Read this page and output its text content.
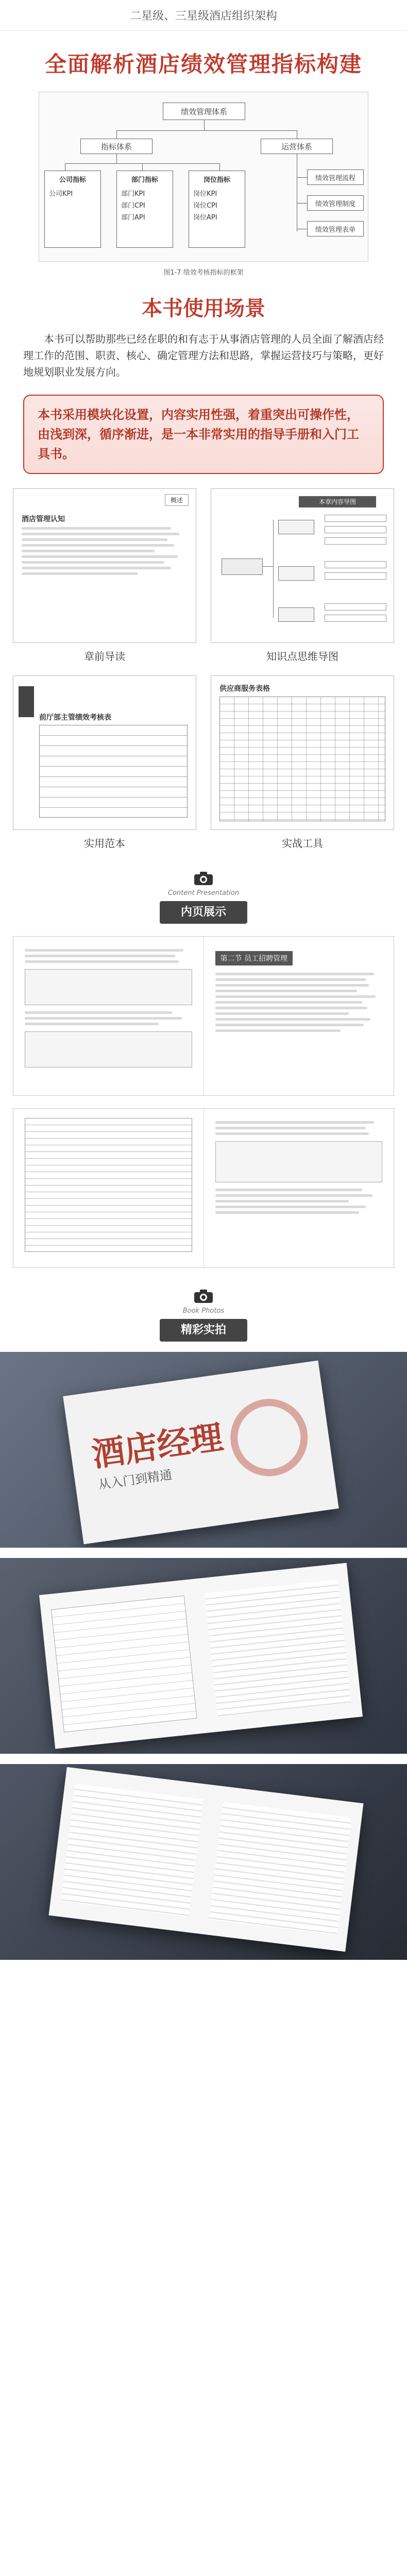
二星级、三星级酒店组织架构
全面解析酒店绩效管理指标构建
绩效管理体系
指标体系	运营体系
公司指标
公司KPI
部门指标
部门KPI
部门CPI
部门API
岗位指标
岗位KPI
岗位CPI
岗位API
绩效管理流程
绩效管理制度
绩效管理表单
图1-7 绩效考核指标的框架
本书使用场景
本书可以帮助那些已经在职的和有志于从事酒店管理的人员全面了解酒店经理工作的范围、职责、核心、确定管理方法和思路，掌握运营技巧与策略，更好地规划职业发展方向。
本书采用模块化设置，内容实用性强，着重突出可操作性，由浅到深，循序渐进，是一本非常实用的指导手册和入门工具书。
概述
酒店管理认知
章前导读
本章内容导图
知识点思维导图
前厅部主管绩效考核表
实用范本
供应商服务表格
实战工具
Content Presentation
内页展示
第二节 员工招聘管理
Book Photos
精彩实拍
酒店经理
从入门到精通
